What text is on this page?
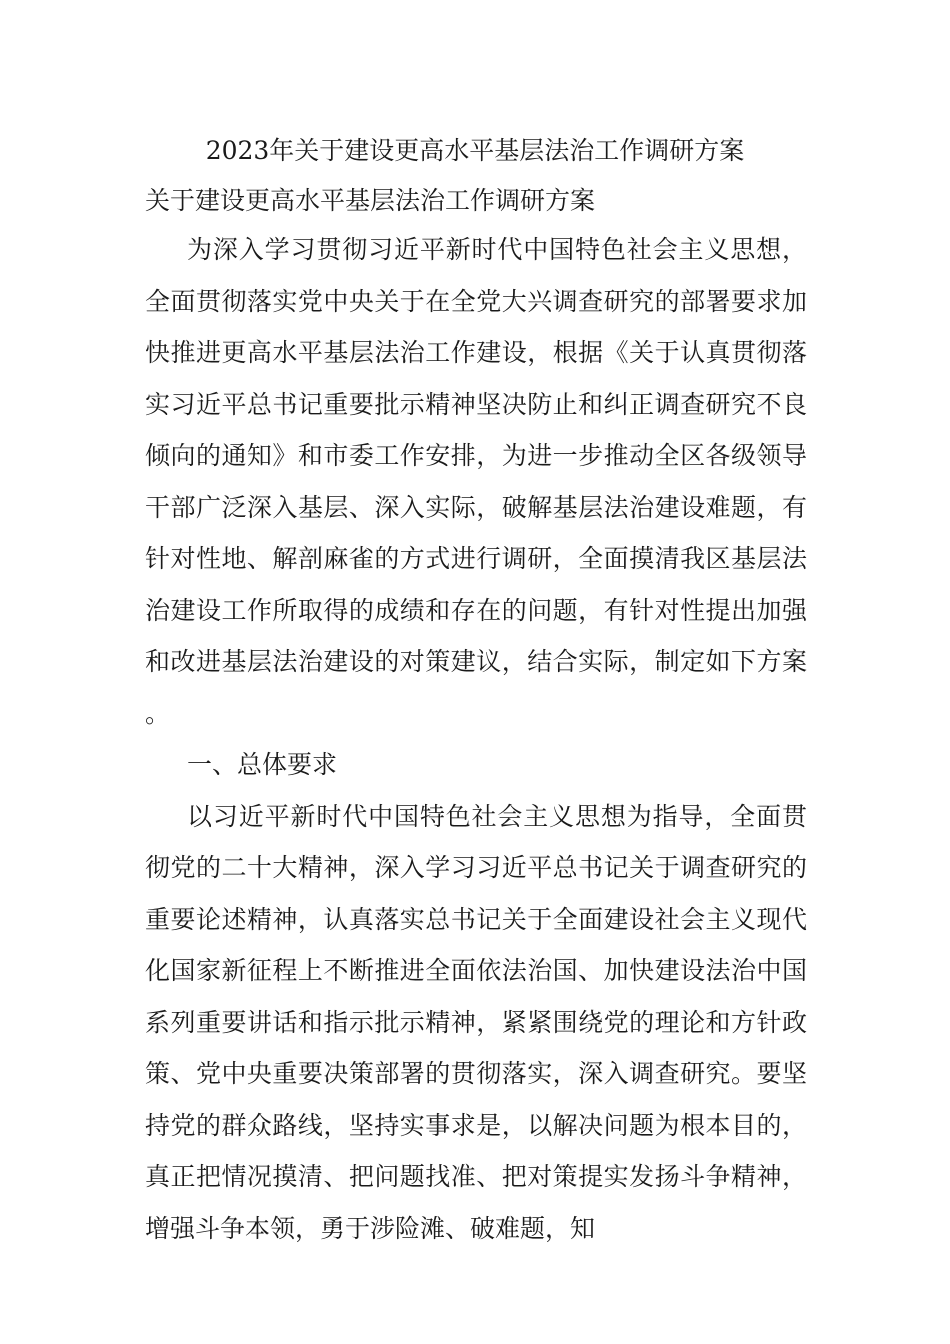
2023年关于建设更高水平基层法治工作调研方案
关于建设更高水平基层法治工作调研方案

为深入学习贯彻习近平新时代中国特色社会主义思想，全面贯彻落实党中央关于在全党大兴调查研究的部署要求加快推进更高水平基层法治工作建设，根据《关于认真贯彻落实习近平总书记重要批示精神坚决防止和纠正调查研究不良倾向的通知》和市委工作安排，为进一步推动全区各级领导干部广泛深入基层、深入实际，破解基层法治建设难题，有针对性地、解剖麻雀的方式进行调研，全面摸清我区基层法治建设工作所取得的成绩和存在的问题，有针对性提出加强和改进基层法治建设的对策建议，结合实际，制定如下方案。

一、总体要求

以习近平新时代中国特色社会主义思想为指导，全面贯彻党的二十大精神，深入学习习近平总书记关于调查研究的重要论述精神，认真落实总书记关于全面建设社会主义现代化国家新征程上不断推进全面依法治国、加快建设法治中国系列重要讲话和指示批示精神，紧紧围绕党的理论和方针政策、党中央重要决策部署的贯彻落实，深入调查研究。要坚持党的群众路线，坚持实事求是，以解决问题为根本目的，真正把情况摸清、把问题找准、把对策提实发扬斗争精神，增强斗争本领，勇于涉险滩、破难题，知
